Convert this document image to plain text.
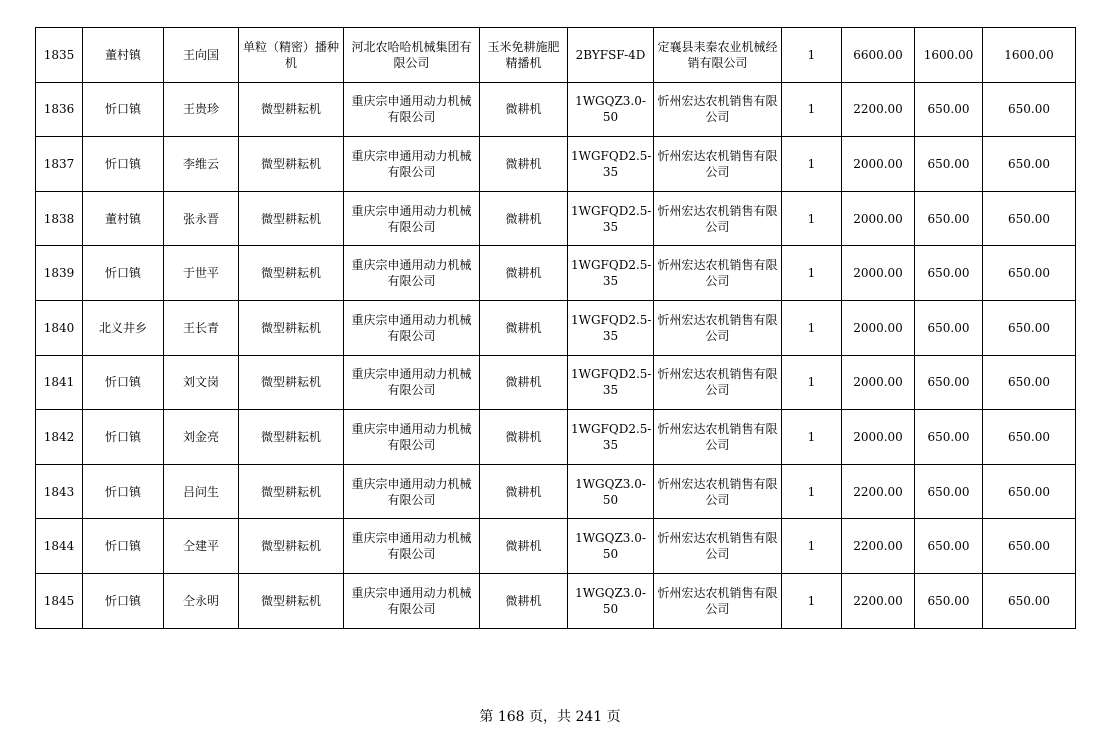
1835	董村镇	王向国	单粒（精密）播种机	河北农哈哈机械集团有限公司	玉米免耕施肥精播机	2BYFSF-4D	定襄县耒秦农业机械经销有限公司	1	6600.00	1600.00	1600.00
1836	忻口镇	王贵珍	微型耕耘机	重庆宗申通用动力机械有限公司	微耕机	1WGQZ3.0-50	忻州宏达农机销售有限公司	1	2200.00	650.00	650.00
1837	忻口镇	李维云	微型耕耘机	重庆宗申通用动力机械有限公司	微耕机	1WGFQD2.5-35	忻州宏达农机销售有限公司	1	2000.00	650.00	650.00
1838	董村镇	张永晋	微型耕耘机	重庆宗申通用动力机械有限公司	微耕机	1WGFQD2.5-35	忻州宏达农机销售有限公司	1	2000.00	650.00	650.00
1839	忻口镇	于世平	微型耕耘机	重庆宗申通用动力机械有限公司	微耕机	1WGFQD2.5-35	忻州宏达农机销售有限公司	1	2000.00	650.00	650.00
1840	北义井乡	王长青	微型耕耘机	重庆宗申通用动力机械有限公司	微耕机	1WGFQD2.5-35	忻州宏达农机销售有限公司	1	2000.00	650.00	650.00
1841	忻口镇	刘文岗	微型耕耘机	重庆宗申通用动力机械有限公司	微耕机	1WGFQD2.5-35	忻州宏达农机销售有限公司	1	2000.00	650.00	650.00
1842	忻口镇	刘金亮	微型耕耘机	重庆宗申通用动力机械有限公司	微耕机	1WGFQD2.5-35	忻州宏达农机销售有限公司	1	2000.00	650.00	650.00
1843	忻口镇	吕问生	微型耕耘机	重庆宗申通用动力机械有限公司	微耕机	1WGQZ3.0-50	忻州宏达农机销售有限公司	1	2200.00	650.00	650.00
1844	忻口镇	仝建平	微型耕耘机	重庆宗申通用动力机械有限公司	微耕机	1WGQZ3.0-50	忻州宏达农机销售有限公司	1	2200.00	650.00	650.00
1845	忻口镇	仝永明	微型耕耘机	重庆宗申通用动力机械有限公司	微耕机	1WGQZ3.0-50	忻州宏达农机销售有限公司	1	2200.00	650.00	650.00
第 168 页，共 241 页
